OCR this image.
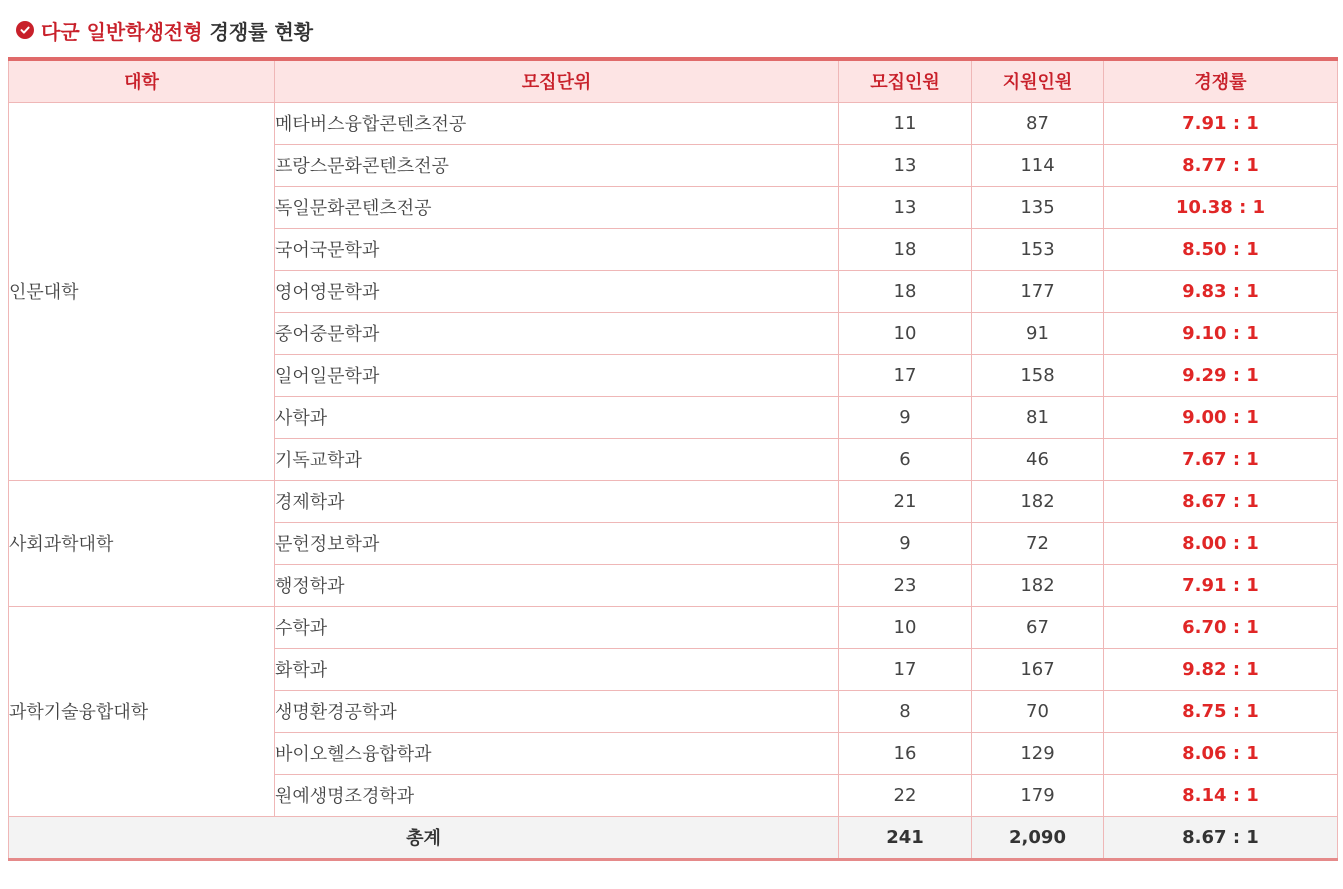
다군 일반학생전형 경쟁률 현황
대학	모집단위	모집인원	지원인원	경쟁률
인문대학	메타버스융합콘텐츠전공	11	87	7.91 : 1
	프랑스문화콘텐츠전공	13	114	8.77 : 1
	독일문화콘텐츠전공	13	135	10.38 : 1
	국어국문학과	18	153	8.50 : 1
	영어영문학과	18	177	9.83 : 1
	중어중문학과	10	91	9.10 : 1
	일어일문학과	17	158	9.29 : 1
	사학과	9	81	9.00 : 1
	기독교학과	6	46	7.67 : 1
사회과학대학	경제학과	21	182	8.67 : 1
	문헌정보학과	9	72	8.00 : 1
	행정학과	23	182	7.91 : 1
과학기술융합대학	수학과	10	67	6.70 : 1
	화학과	17	167	9.82 : 1
	생명환경공학과	8	70	8.75 : 1
	바이오헬스융합학과	16	129	8.06 : 1
	원예생명조경학과	22	179	8.14 : 1
총계		241	2,090	8.67 : 1
